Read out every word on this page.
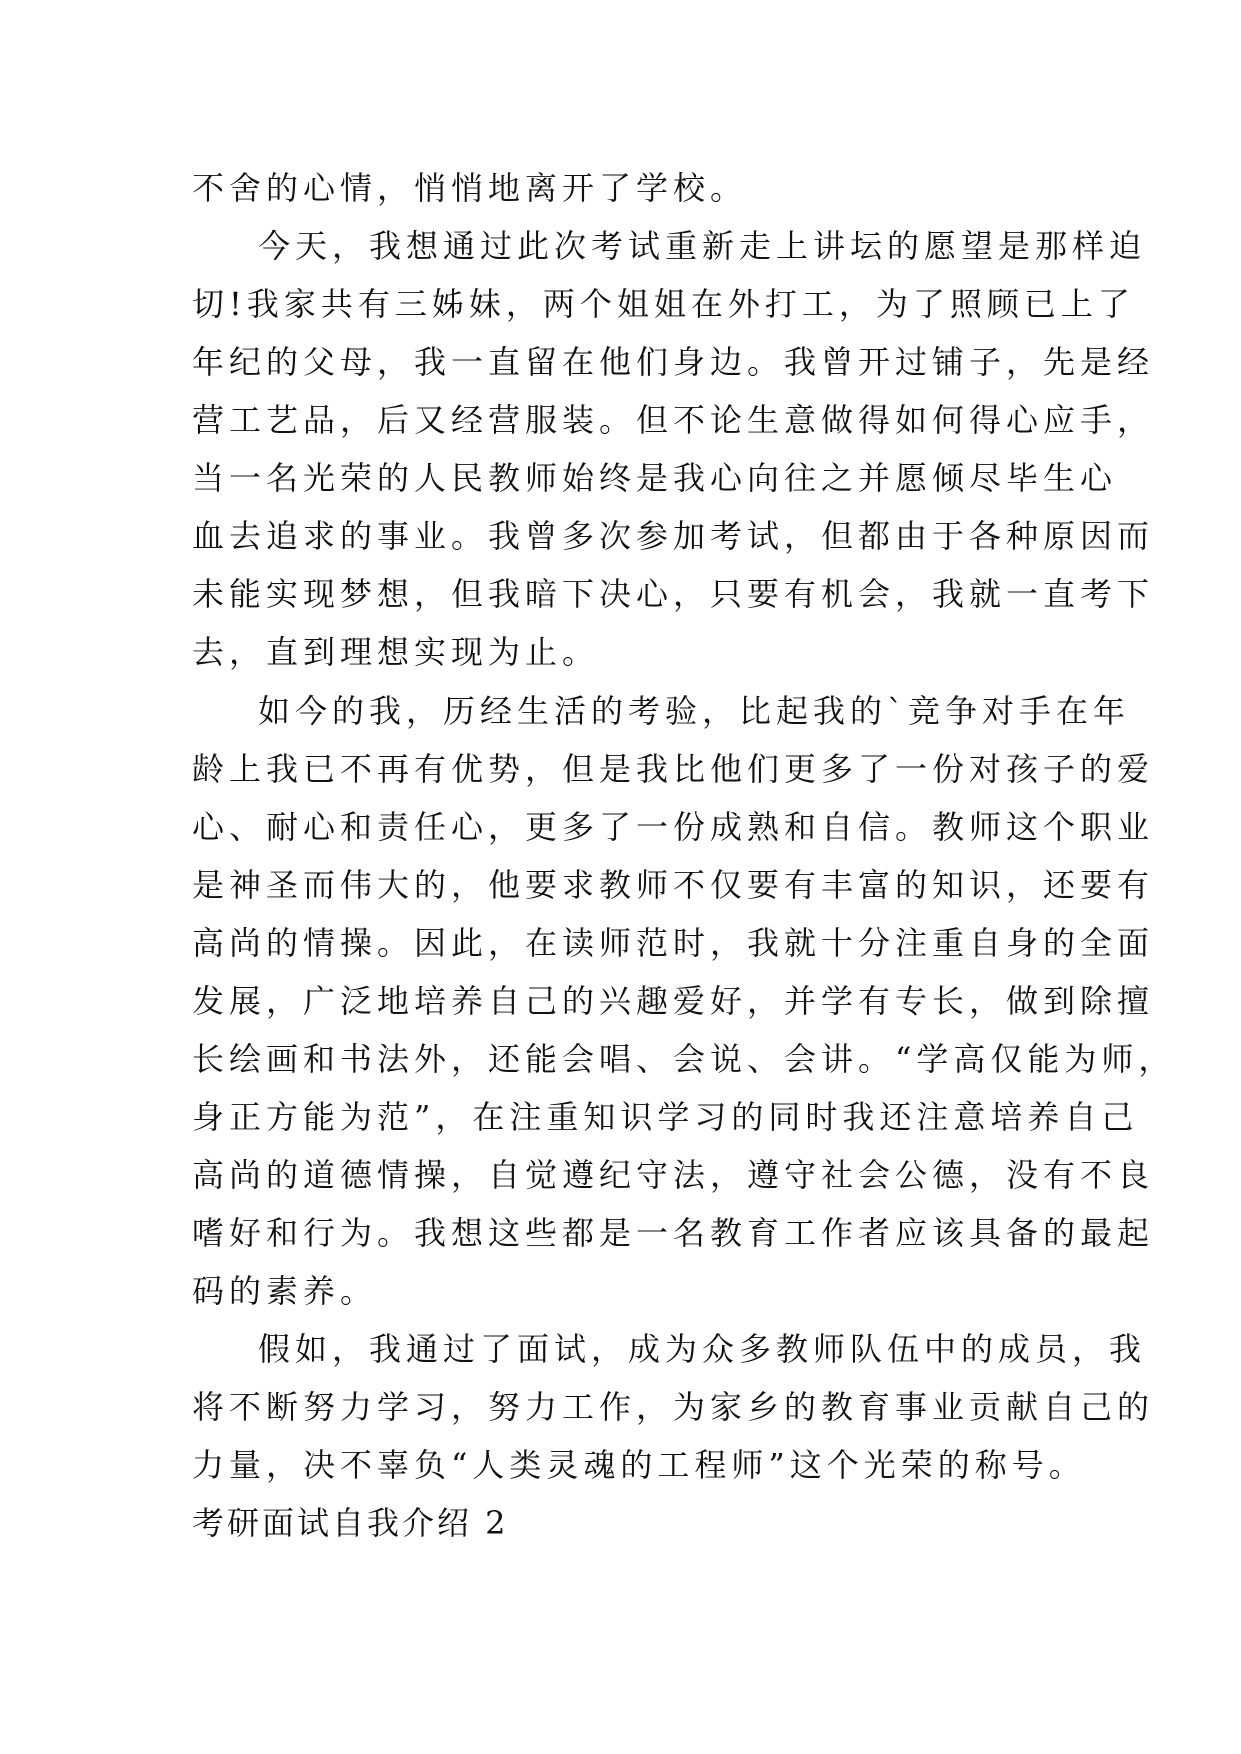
不舍的心情，悄悄地离开了学校。
今天，我想通过此次考试重新走上讲坛的愿望是那样迫
切!我家共有三姊妹，两个姐姐在外打工，为了照顾已上了
年纪的父母，我一直留在他们身边。我曾开过铺子，先是经
营工艺品，后又经营服装。但不论生意做得如何得心应手，
当一名光荣的人民教师始终是我心向往之并愿倾尽毕生心
血去追求的事业。我曾多次参加考试，但都由于各种原因而
未能实现梦想，但我暗下决心，只要有机会，我就一直考下
去，直到理想实现为止。
如今的我，历经生活的考验，比起我的`竞争对手在年
龄上我已不再有优势，但是我比他们更多了一份对孩子的爱
心、耐心和责任心，更多了一份成熟和自信。教师这个职业
是神圣而伟大的，他要求教师不仅要有丰富的知识，还要有
高尚的情操。因此，在读师范时，我就十分注重自身的全面
发展，广泛地培养自己的兴趣爱好，并学有专长，做到除擅
长绘画和书法外，还能会唱、会说、会讲。“学高仅能为师，
身正方能为范”，在注重知识学习的同时我还注意培养自己
高尚的道德情操，自觉遵纪守法，遵守社会公德，没有不良
嗜好和行为。我想这些都是一名教育工作者应该具备的最起
码的素养。
假如，我通过了面试，成为众多教师队伍中的成员，我
将不断努力学习，努力工作，为家乡的教育事业贡献自己的
力量，决不辜负“人类灵魂的工程师”这个光荣的称号。
考研面试自我介绍 2
